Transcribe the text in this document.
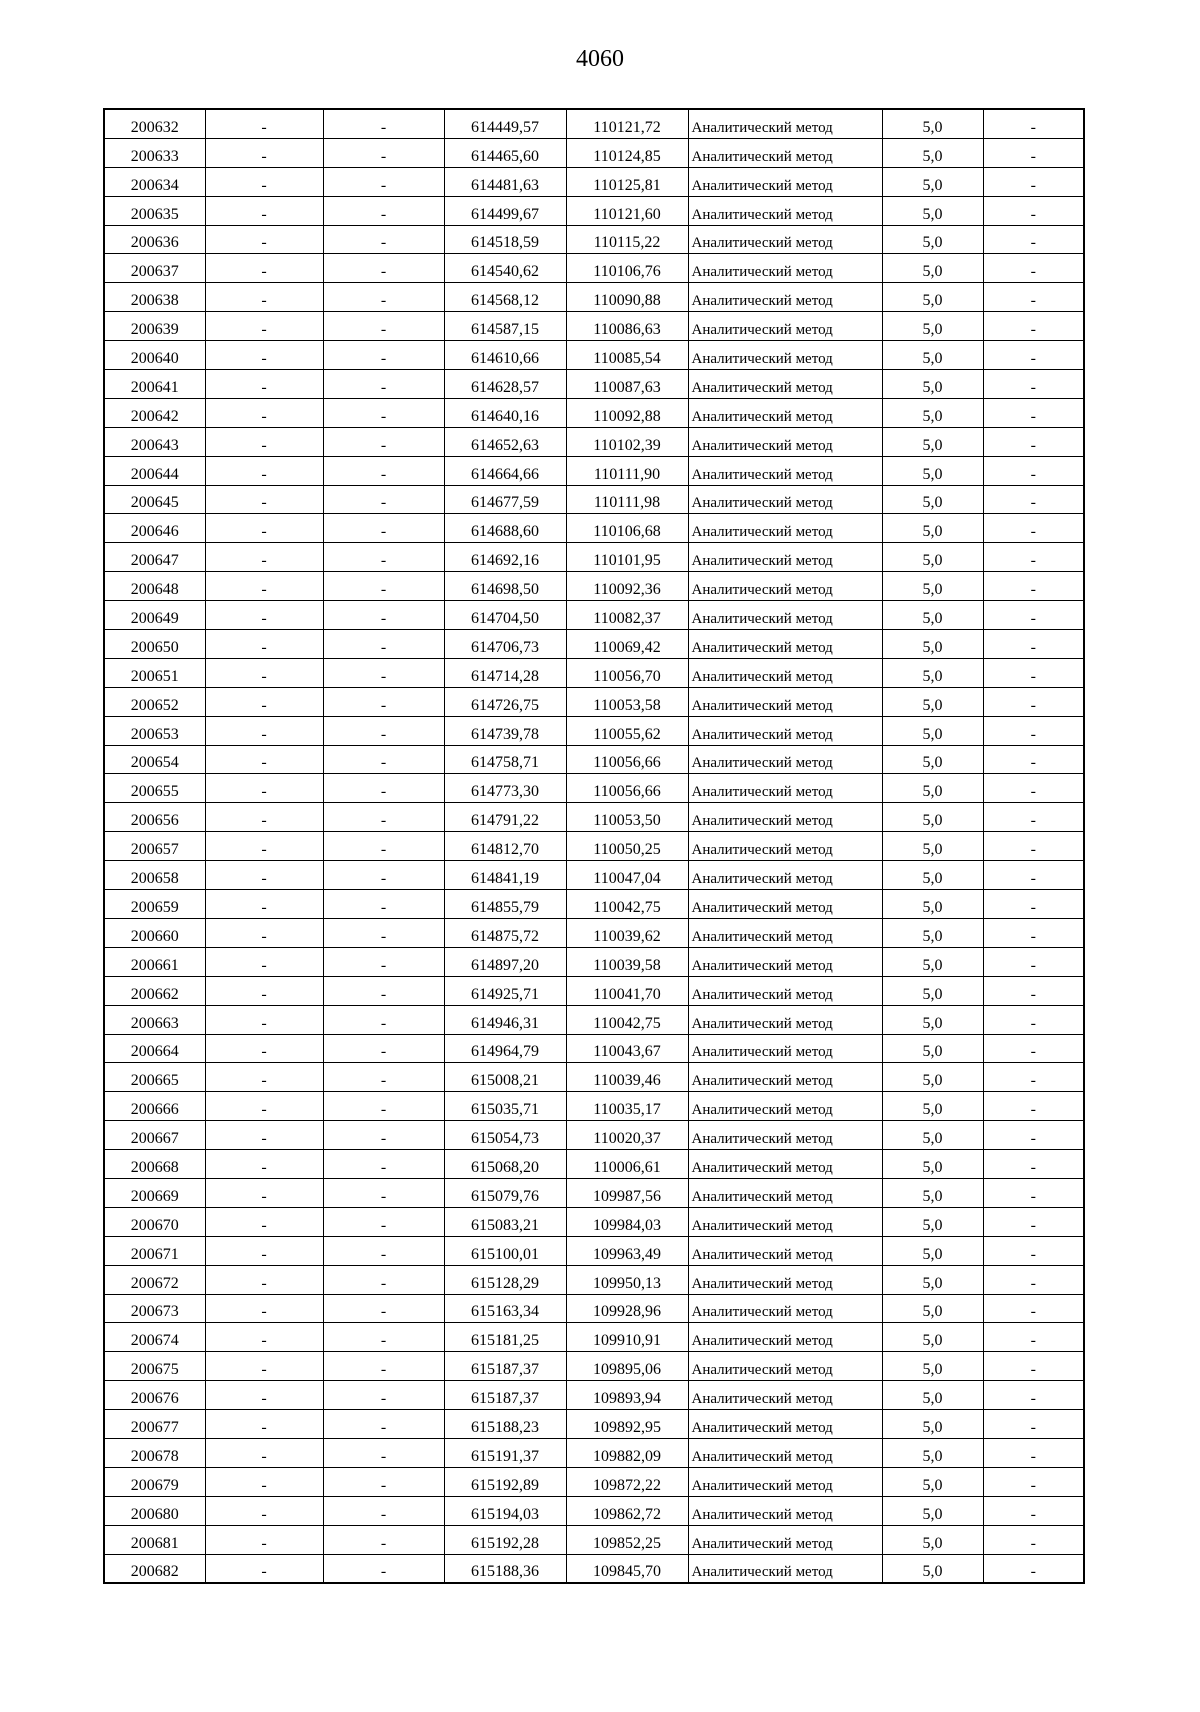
4060
200632	-	-	614449,57	110121,72	Аналитический метод	5,0	-
200633	-	-	614465,60	110124,85	Аналитический метод	5,0	-
200634	-	-	614481,63	110125,81	Аналитический метод	5,0	-
200635	-	-	614499,67	110121,60	Аналитический метод	5,0	-
200636	-	-	614518,59	110115,22	Аналитический метод	5,0	-
200637	-	-	614540,62	110106,76	Аналитический метод	5,0	-
200638	-	-	614568,12	110090,88	Аналитический метод	5,0	-
200639	-	-	614587,15	110086,63	Аналитический метод	5,0	-
200640	-	-	614610,66	110085,54	Аналитический метод	5,0	-
200641	-	-	614628,57	110087,63	Аналитический метод	5,0	-
200642	-	-	614640,16	110092,88	Аналитический метод	5,0	-
200643	-	-	614652,63	110102,39	Аналитический метод	5,0	-
200644	-	-	614664,66	110111,90	Аналитический метод	5,0	-
200645	-	-	614677,59	110111,98	Аналитический метод	5,0	-
200646	-	-	614688,60	110106,68	Аналитический метод	5,0	-
200647	-	-	614692,16	110101,95	Аналитический метод	5,0	-
200648	-	-	614698,50	110092,36	Аналитический метод	5,0	-
200649	-	-	614704,50	110082,37	Аналитический метод	5,0	-
200650	-	-	614706,73	110069,42	Аналитический метод	5,0	-
200651	-	-	614714,28	110056,70	Аналитический метод	5,0	-
200652	-	-	614726,75	110053,58	Аналитический метод	5,0	-
200653	-	-	614739,78	110055,62	Аналитический метод	5,0	-
200654	-	-	614758,71	110056,66	Аналитический метод	5,0	-
200655	-	-	614773,30	110056,66	Аналитический метод	5,0	-
200656	-	-	614791,22	110053,50	Аналитический метод	5,0	-
200657	-	-	614812,70	110050,25	Аналитический метод	5,0	-
200658	-	-	614841,19	110047,04	Аналитический метод	5,0	-
200659	-	-	614855,79	110042,75	Аналитический метод	5,0	-
200660	-	-	614875,72	110039,62	Аналитический метод	5,0	-
200661	-	-	614897,20	110039,58	Аналитический метод	5,0	-
200662	-	-	614925,71	110041,70	Аналитический метод	5,0	-
200663	-	-	614946,31	110042,75	Аналитический метод	5,0	-
200664	-	-	614964,79	110043,67	Аналитический метод	5,0	-
200665	-	-	615008,21	110039,46	Аналитический метод	5,0	-
200666	-	-	615035,71	110035,17	Аналитический метод	5,0	-
200667	-	-	615054,73	110020,37	Аналитический метод	5,0	-
200668	-	-	615068,20	110006,61	Аналитический метод	5,0	-
200669	-	-	615079,76	109987,56	Аналитический метод	5,0	-
200670	-	-	615083,21	109984,03	Аналитический метод	5,0	-
200671	-	-	615100,01	109963,49	Аналитический метод	5,0	-
200672	-	-	615128,29	109950,13	Аналитический метод	5,0	-
200673	-	-	615163,34	109928,96	Аналитический метод	5,0	-
200674	-	-	615181,25	109910,91	Аналитический метод	5,0	-
200675	-	-	615187,37	109895,06	Аналитический метод	5,0	-
200676	-	-	615187,37	109893,94	Аналитический метод	5,0	-
200677	-	-	615188,23	109892,95	Аналитический метод	5,0	-
200678	-	-	615191,37	109882,09	Аналитический метод	5,0	-
200679	-	-	615192,89	109872,22	Аналитический метод	5,0	-
200680	-	-	615194,03	109862,72	Аналитический метод	5,0	-
200681	-	-	615192,28	109852,25	Аналитический метод	5,0	-
200682	-	-	615188,36	109845,70	Аналитический метод	5,0	-
